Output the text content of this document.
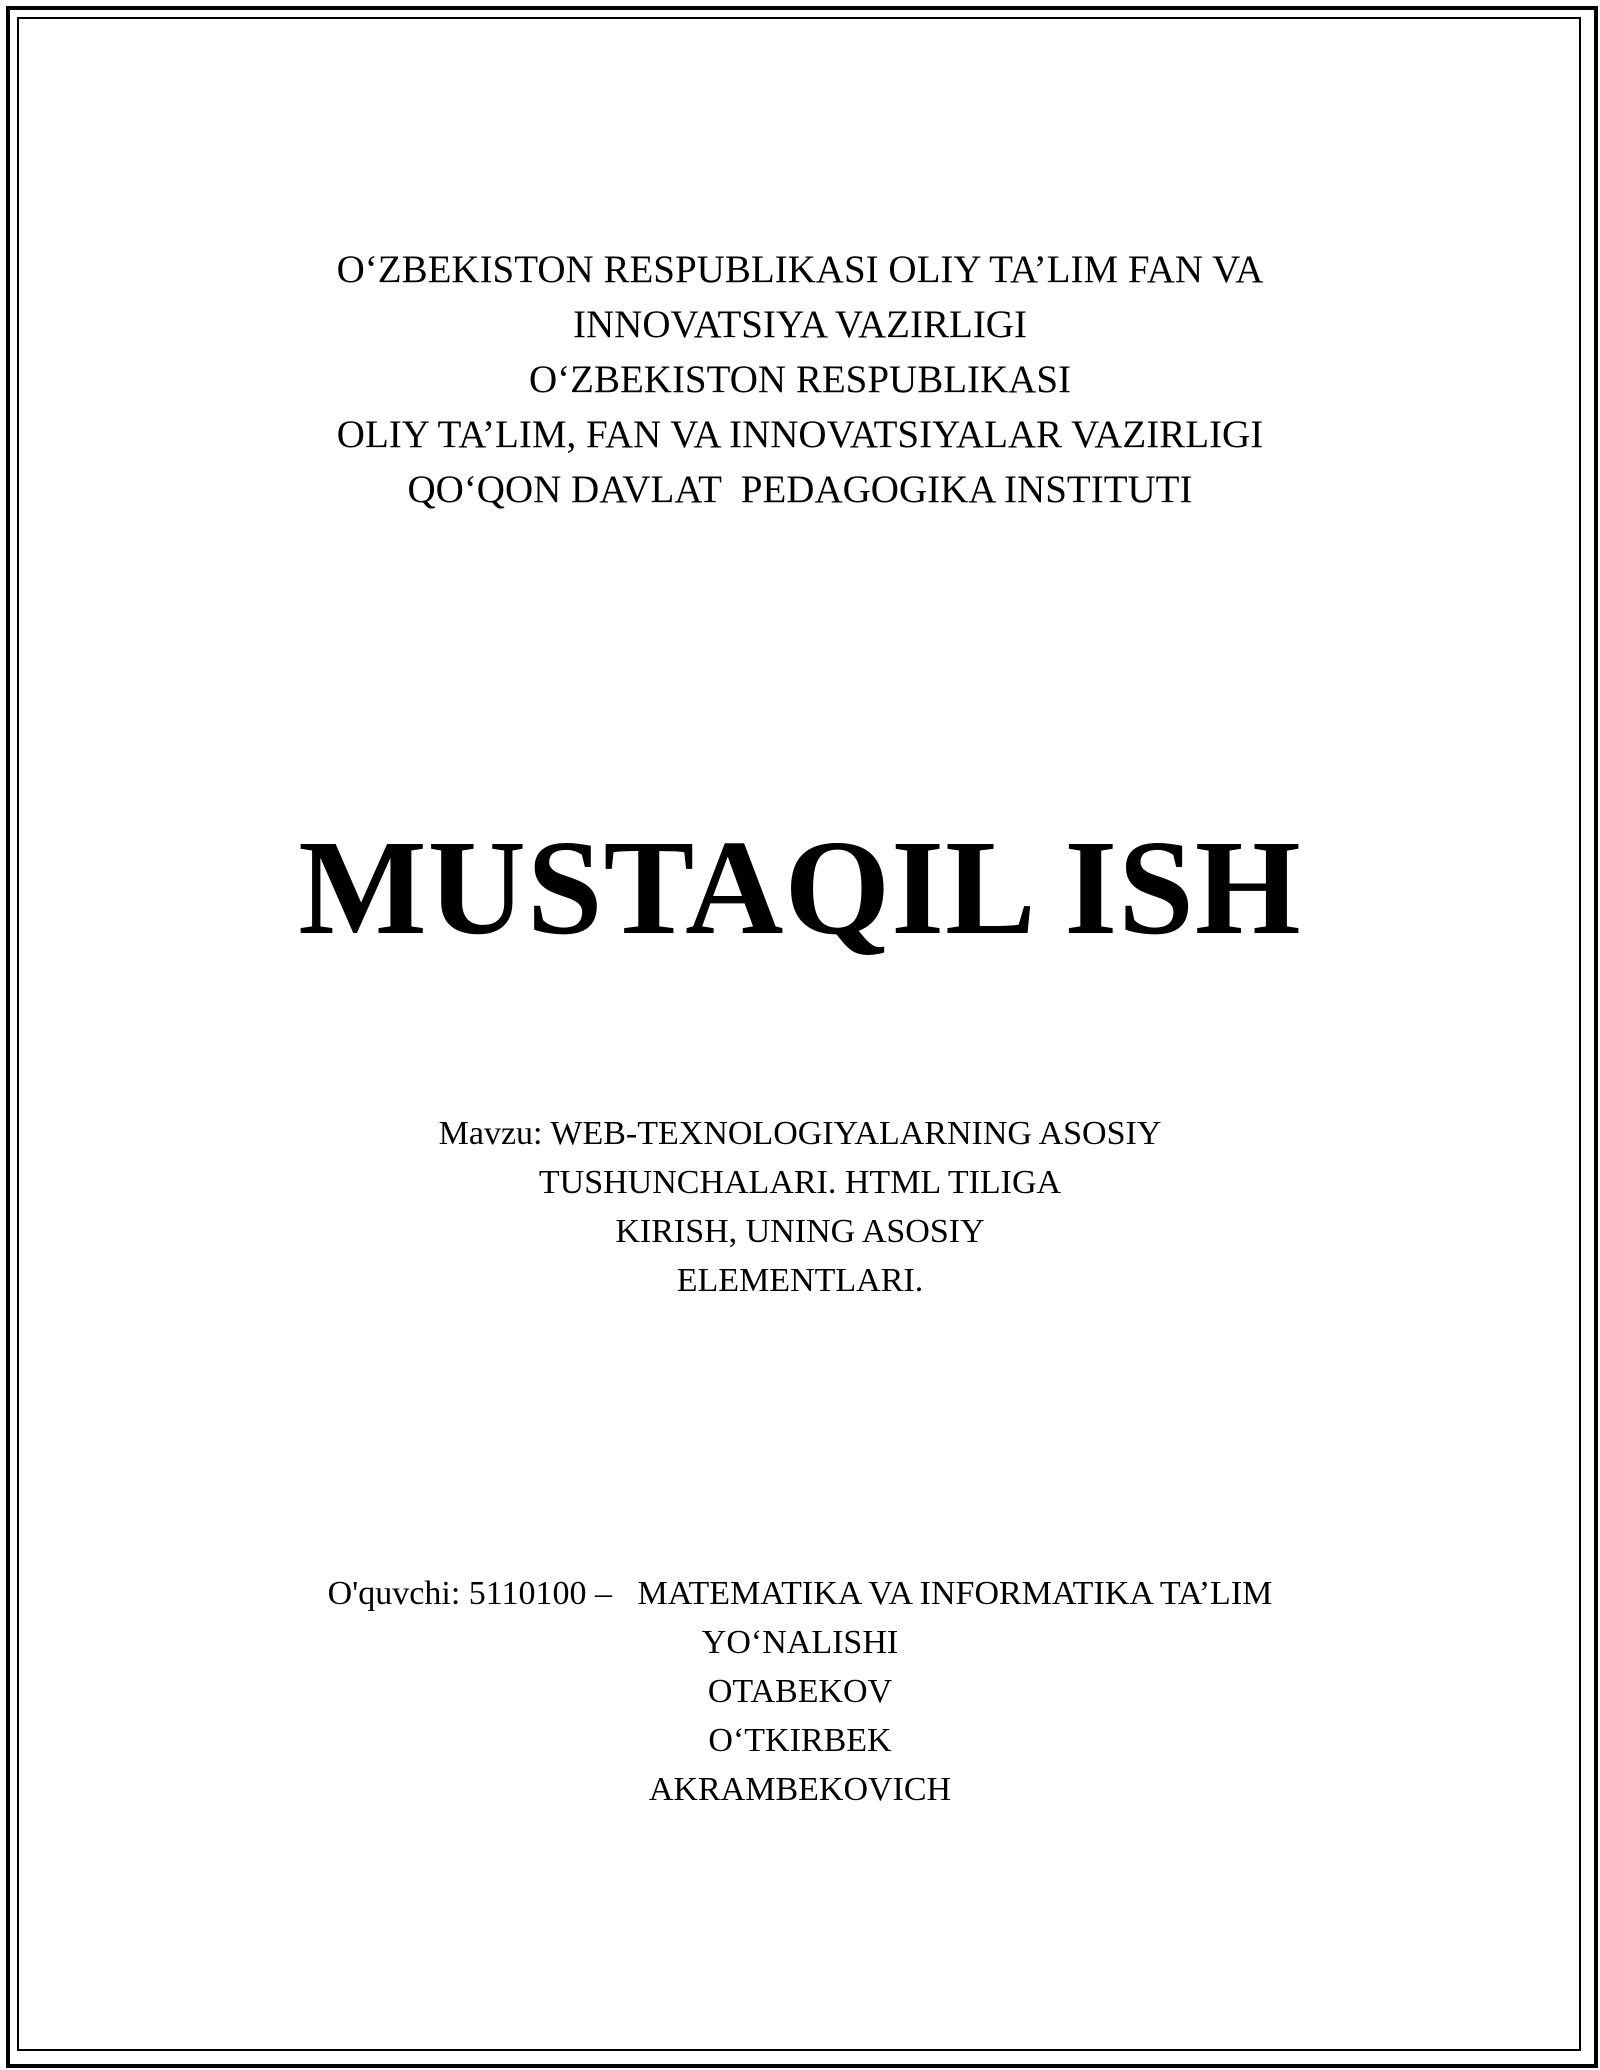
O‘ZBEKISTON RESPUBLIKASI OLIY TA’LIM FAN VA
INNOVATSIYA VAZIRLIGI
O‘ZBEKISTON RESPUBLIKASI
OLIY TA’LIM, FAN VA INNOVATSIYALAR VAZIRLIGI
QO‘QON DAVLAT  PEDAGOGIKA INSTITUTI
MUSTAQIL ISH
Mavzu: WEB-TEXNOLOGIYALARNING ASOSIY
TUSHUNCHALARI. HTML TILIGA
KIRISH, UNING ASOSIY
ELEMENTLARI.
O'quvchi: 5110100 –   MATEMATIKA VA INFORMATIKA TA’LIM
YO‘NALISHI
OTABEKOV
O‘TKIRBEK
AKRAMBEKOVICH
